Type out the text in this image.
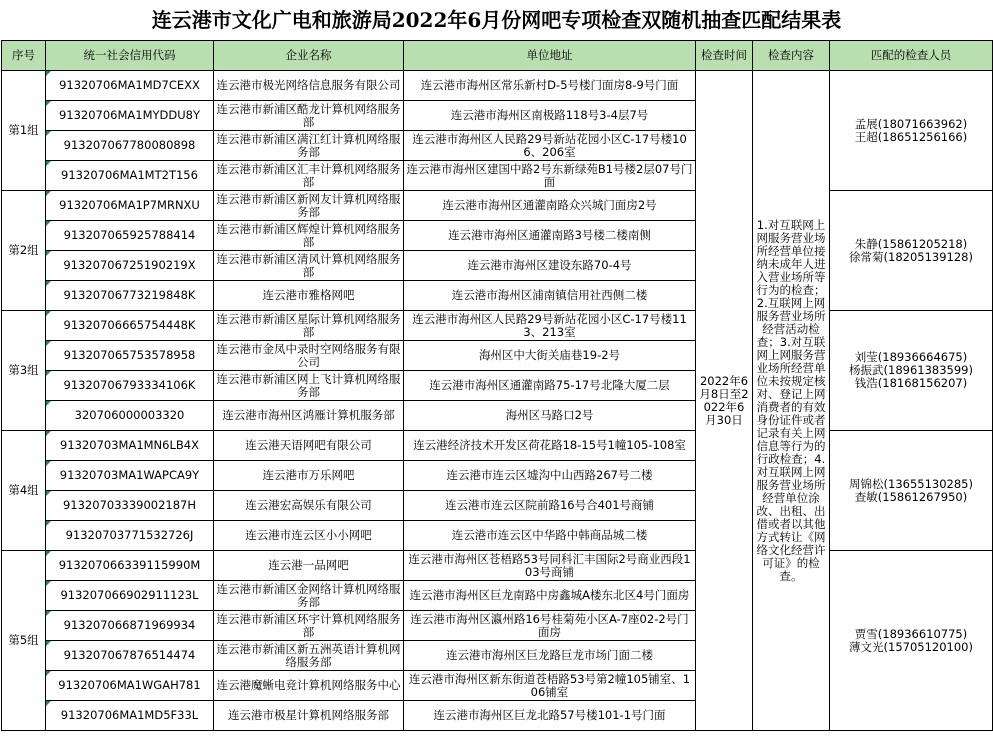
连云港市文化广电和旅游局2022年6月份网吧专项检查双随机抽查匹配结果表
序号	统一社会信用代码	企业名称	单位地址	检查时间	检查内容	匹配的检查人员
第1组	91320706MA1MD7CEXX	连云港市极光网络信息服务有限公司	连云港市海州区常乐新村D-5号楼门面房8-9号门面	2022年6月8日至2022年6月30日	1.对互联网上网服务营业场所经营单位接纳未成年人进入营业场所等行为的检查；2.互联网上网服务营业场所经营活动检查；3.对互联网上网服务营业场所经营单位未按规定核对、登记上网消费者的有效身份证件或者记录有关上网信息等行为的行政检查；4.对互联网上网服务营业场所经营单位涂改、出租、出借或者以其他方式转让《网络文化经营许可证》的检查。	孟展(18071663962)
王超(18651256166)

	91320706MA1MYDDU8Y	连云港市新浦区酷龙计算机网络服务部	连云港市海州区南极路118号3-4层7号			

	913207067780080898	连云港市新浦区满江红计算机网络服务部	连云港市海州区人民路29号新站花园小区C-17号楼106、206室			

	91320706MA1MT2T156	连云港市新浦区汇丰计算机网络服务部	连云港市海州区建国中路2号东新绿苑B1号楼2层07号门面			

第2组	91320706MA1P7MRNXU	连云港市新浦区新网友计算机网络服务部	连云港市海州区通灌南路众兴城门面房2号			朱静(15861205218)
徐常菊(18205139128)

	913207065925788414	连云港市新浦区辉煌计算机网络服务部	连云港市海州区通灌南路3号楼二楼南侧			

	91320706725190219X	连云港市新浦区清风计算机网络服务部	连云港市海州区建设东路70-4号			

	91320706773219848K	连云港市雅格网吧	连云港市海州区浦南镇信用社西侧二楼			

第3组	91320706665754448K	连云港市新浦区星际计算机网络服务部	连云港市海州区人民路29号新站花园小区C-17号楼113、213室			刘莹(18936664675)
杨振武(18961383599)
钱浩(18168156207)

	913207065753578958	连云港市金凤中录时空网络服务有限公司	海州区中大街关庙巷19-2号			

	91320706793334106K	连云港市新浦区网上飞计算机网络服务部	连云港市海州区通灌南路75-17号北隆大厦二层			

	320706000003320	连云港市海州区鸿雁计算机服务部	海州区马路口2号			

第4组	91320703MA1MN6LB4X	连云港天语网吧有限公司	连云港经济技术开发区荷花路18-15号1幢105-108室			周锦松(13655130285)
查敏(15861267950)

	91320703MA1WAPCA9Y	连云港市万乐网吧	连云港市连云区墟沟中山西路267号二楼			

	91320703339002187H	连云港宏高娱乐有限公司	连云港市连云区院前路16号合401号商铺			

	91320703771532726J	连云港市连云区小小网吧	连云港市连云区中华路中韩商品城二楼			

第5组	913207066339115990M	连云港一品网吧	连云港市海州区苍梧路53号同科汇丰国际2号商业西段103号商铺			贾雪(18936610775)
薄文光(15705120100)

	913207066902911123L	连云港市新浦区金网络计算机网络服务部	连云港市海州区巨龙南路中房鑫城A楼东北区4号门面房			

	913207066871969934	连云港市新浦区环宇计算机网络服务部	连云港市海州区瀛州路16号桂菊苑小区A-7座02-2号门面房			

	913207067876514474	连云港市新浦区新五洲英语计算机网络服务部	连云港市海州区巨龙路巨龙市场门面二楼			

	91320706MA1WGAH781	连云港魔蜥电竞计算机网络服务中心	连云港市海州区新东街道苍梧路53号第2幢105铺室、106铺室			

	91320706MA1MD5F33L	连云港市极星计算机网络服务部	连云港市海州区巨龙北路57号楼101-1号门面			
